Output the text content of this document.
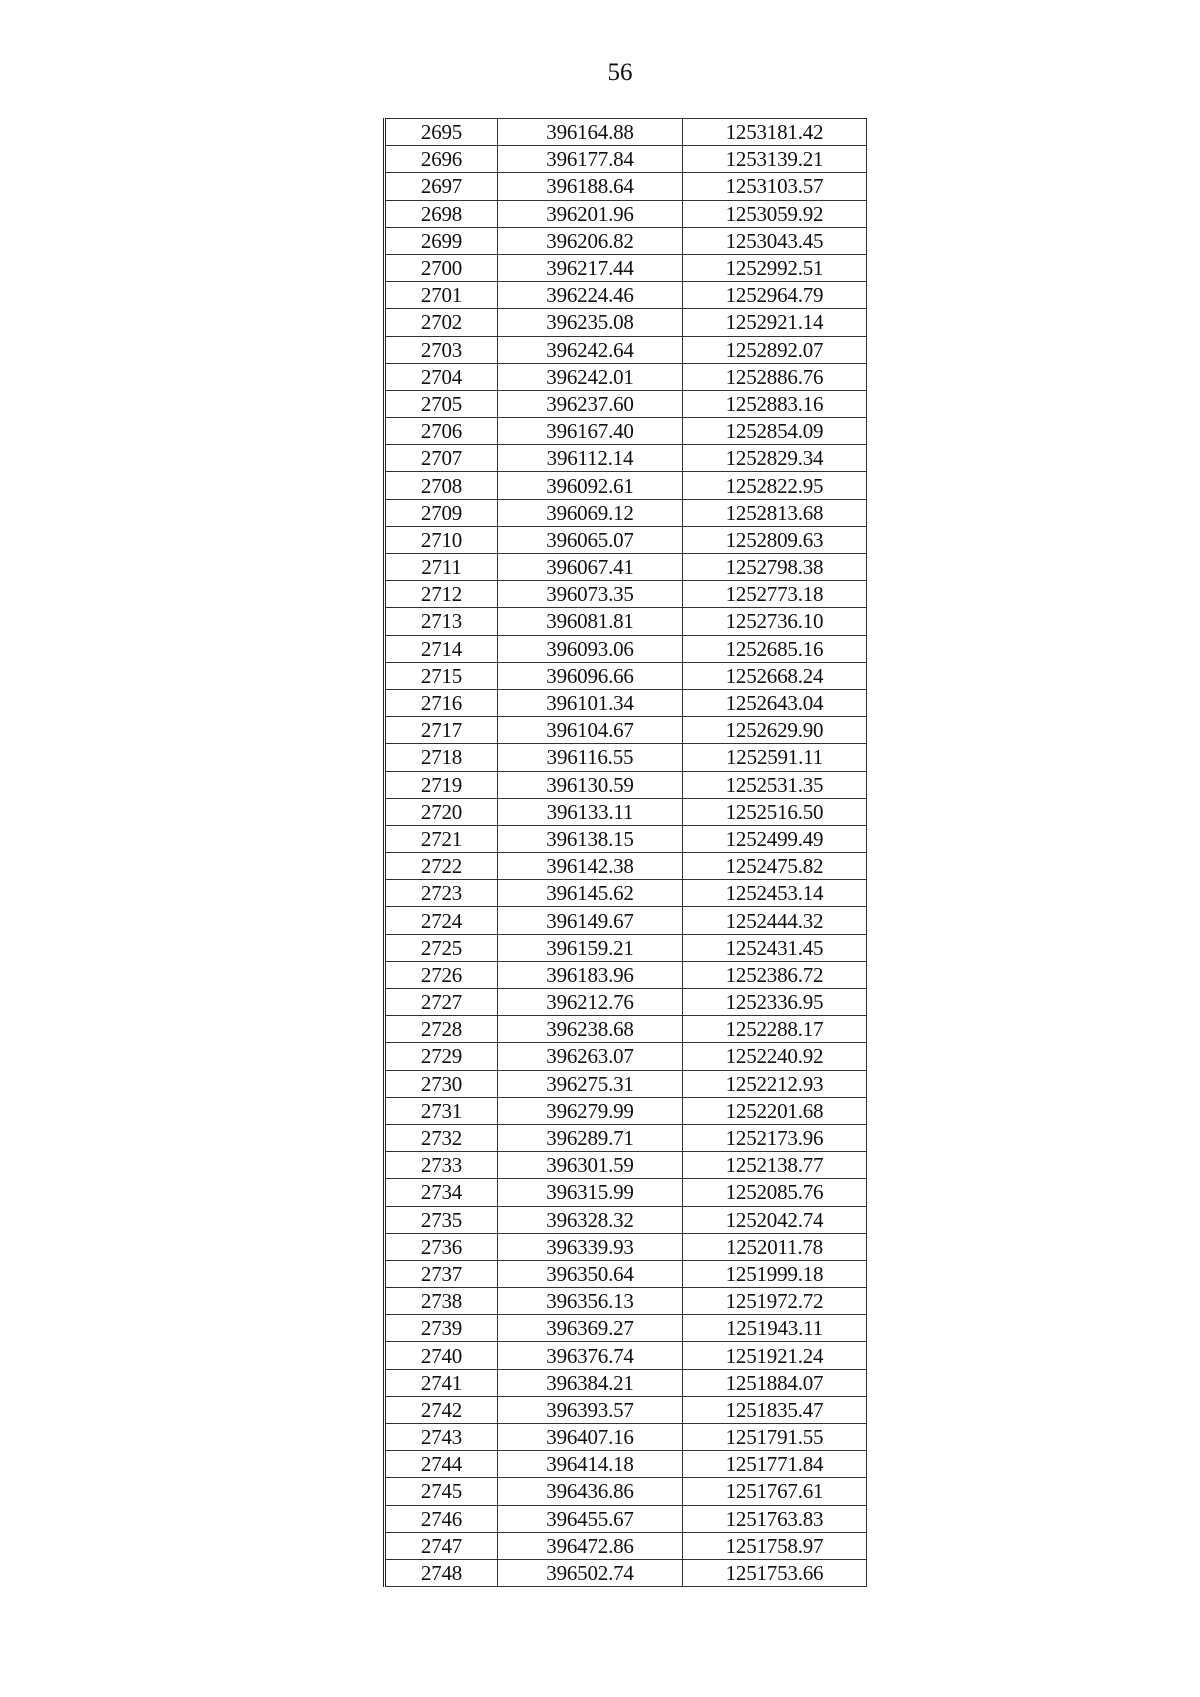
56
2695	396164.88	1253181.42
2696	396177.84	1253139.21
2697	396188.64	1253103.57
2698	396201.96	1253059.92
2699	396206.82	1253043.45
2700	396217.44	1252992.51
2701	396224.46	1252964.79
2702	396235.08	1252921.14
2703	396242.64	1252892.07
2704	396242.01	1252886.76
2705	396237.60	1252883.16
2706	396167.40	1252854.09
2707	396112.14	1252829.34
2708	396092.61	1252822.95
2709	396069.12	1252813.68
2710	396065.07	1252809.63
2711	396067.41	1252798.38
2712	396073.35	1252773.18
2713	396081.81	1252736.10
2714	396093.06	1252685.16
2715	396096.66	1252668.24
2716	396101.34	1252643.04
2717	396104.67	1252629.90
2718	396116.55	1252591.11
2719	396130.59	1252531.35
2720	396133.11	1252516.50
2721	396138.15	1252499.49
2722	396142.38	1252475.82
2723	396145.62	1252453.14
2724	396149.67	1252444.32
2725	396159.21	1252431.45
2726	396183.96	1252386.72
2727	396212.76	1252336.95
2728	396238.68	1252288.17
2729	396263.07	1252240.92
2730	396275.31	1252212.93
2731	396279.99	1252201.68
2732	396289.71	1252173.96
2733	396301.59	1252138.77
2734	396315.99	1252085.76
2735	396328.32	1252042.74
2736	396339.93	1252011.78
2737	396350.64	1251999.18
2738	396356.13	1251972.72
2739	396369.27	1251943.11
2740	396376.74	1251921.24
2741	396384.21	1251884.07
2742	396393.57	1251835.47
2743	396407.16	1251791.55
2744	396414.18	1251771.84
2745	396436.86	1251767.61
2746	396455.67	1251763.83
2747	396472.86	1251758.97
2748	396502.74	1251753.66
